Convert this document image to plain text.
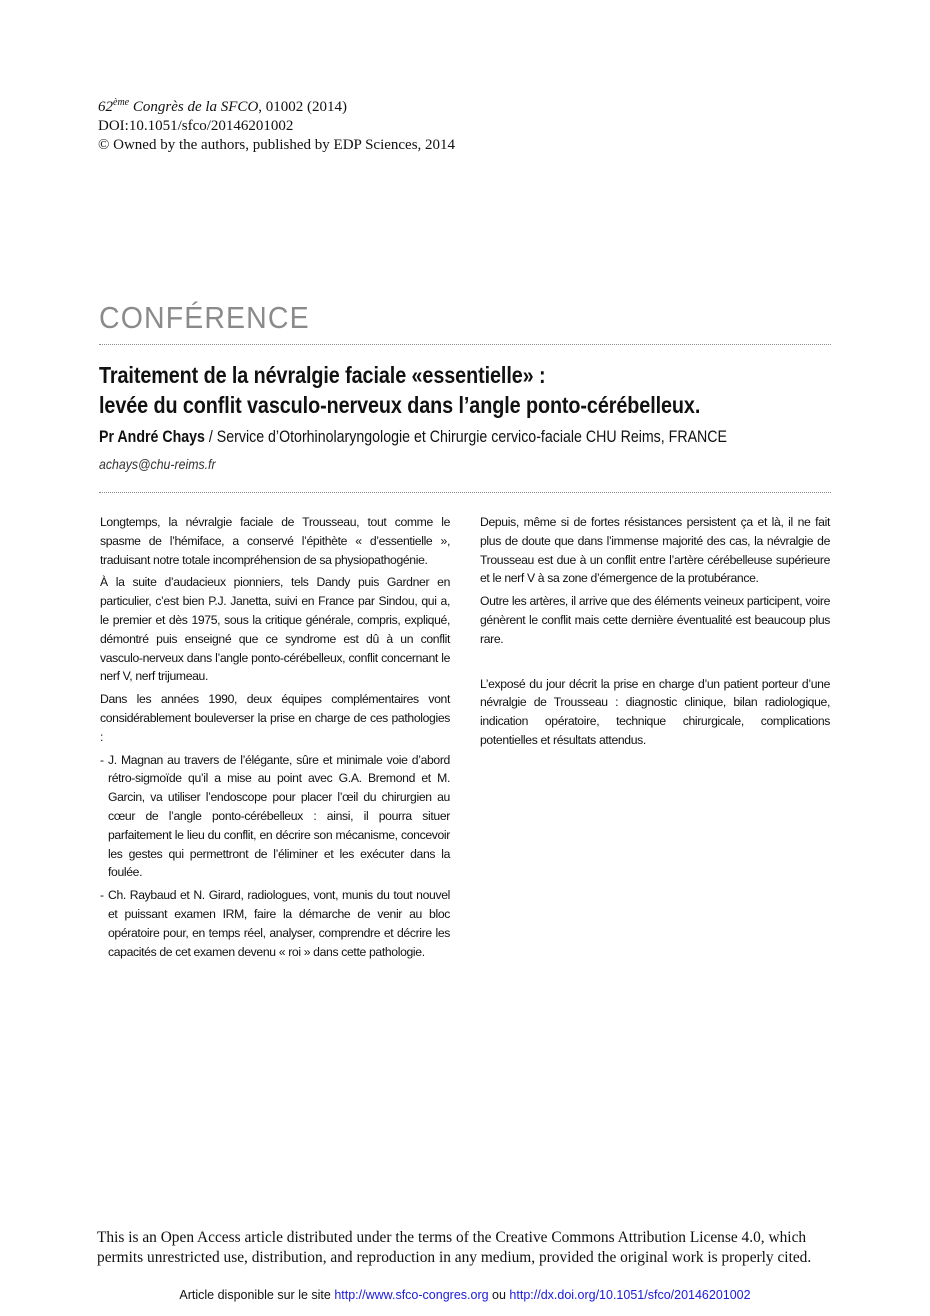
62ème Congrès de la SFCO, 01002 (2014)
DOI:10.1051/sfco/20146201002
© Owned by the authors, published by EDP Sciences, 2014
CONFÉRENCE
Traitement de la névralgie faciale «essentielle» :
levée du conflit vasculo-nerveux dans l’angle ponto-cérébelleux.
Pr André Chays / Service d’Otorhinolaryngologie et Chirurgie cervico-faciale CHU Reims, FRANCE
achays@chu-reims.fr

Longtemps, la névralgie faciale de Trousseau, tout comme le spasme de l’hémiface, a conservé l’épithète « d’essentielle », traduisant notre totale incompréhension de sa physiopathogénie.

À la suite d’audacieux pionniers, tels Dandy puis Gardner en particulier, c’est bien P.J. Janetta, suivi en France par Sindou, qui a, le premier et dès 1975, sous la critique générale, compris, expliqué, démontré puis enseigné que ce syndrome est dû à un conflit vasculo-nerveux dans l’angle ponto-cérébelleux, conflit concernant le nerf V, nerf trijumeau.

Dans les années 1990, deux équipes complémentaires vont considérablement bouleverser la prise en charge de ces pathologies :

- J. Magnan au travers de l’élégante, sûre et minimale voie d’abord rétro-sigmoïde qu’il a mise au point avec G.A. Bremond et M. Garcin, va utiliser l’endoscope pour placer l’œil du chirurgien au cœur de l’angle ponto-cérébelleux : ainsi, il pourra situer parfaitement le lieu du conflit, en décrire son mécanisme, concevoir les gestes qui permettront de l’éliminer et les exécuter dans la foulée.
- Ch. Raybaud et N. Girard, radiologues, vont, munis du tout nouvel et puissant examen IRM, faire la démarche de venir au bloc opératoire pour, en temps réel, analyser, comprendre et décrire les capacités de cet examen devenu « roi » dans cette pathologie.

Depuis, même si de fortes résistances persistent ça et là, il ne fait plus de doute que dans l’immense majorité des cas, la névralgie de Trousseau est due à un conflit entre l’artère cérébelleuse supérieure et le nerf V à sa zone d’émergence de la protubérance.

Outre les artères, il arrive que des éléments veineux participent, voire génèrent le conflit mais cette dernière éventualité est beaucoup plus rare.

L’exposé du jour décrit la prise en charge d’un patient porteur d’une névralgie de Trousseau : diagnostic clinique, bilan radiologique, indication opératoire, technique chirurgicale, complications potentielles et résultats attendus.

This is an Open Access article distributed under the terms of the Creative Commons Attribution License 4.0, which permits unrestricted use, distribution, and reproduction in any medium, provided the original work is properly cited.
Article disponible sur le site http://www.sfco-congres.org ou http://dx.doi.org/10.1051/sfco/20146201002
